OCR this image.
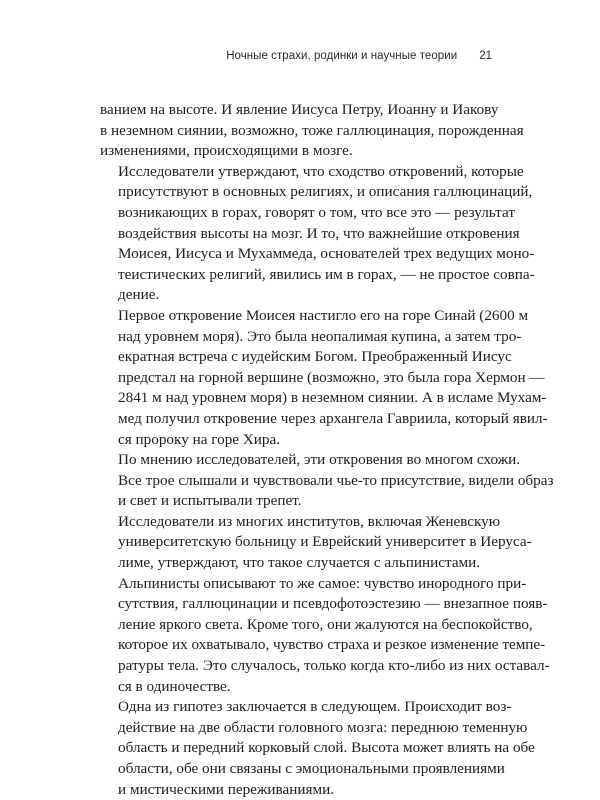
Ночные страхи, родинки и научные теории 21

ванием на высоте. И явление Иисуса Петру, Иоанну и Иакову
в неземном сиянии, возможно, тоже галлюцинация, порожденная
изменениями, происходящими в мозге.

Исследователи утверждают, что сходство откровений, которые
присутствуют в основных религиях, и описания галлюцинаций,
возникающих в горах, говорят о том, что все это — результат
воздействия высоты на мозг. И то, что важнейшие откровения
Моисея, Иисуса и Мухаммеда, основателей трех ведущих моно-
теистических религий, явились им в горах, — не простое совпа-
дение.

Первое откровение Моисея настигло его на горе Синай (2600 м
над уровнем моря). Это была неопалимая купина, а затем тро-
екратная встреча с иудейским Богом. Преображенный Иисус
предстал на горной вершине (возможно, это была гора Хермон —
2841 м над уровнем моря) в неземном сиянии. А в исламе Мухам-
мед получил откровение через архангела Гавриила, который явил-
ся пророку на горе Хира.

По мнению исследователей, эти откровения во многом схожи.
Все трое слышали и чувствовали чье-то присутствие, видели образ
и свет и испытывали трепет.

Исследователи из многих институтов, включая Женевскую
университетскую больницу и Еврейский университет в Иеруса-
лиме, утверждают, что такое случается с альпинистами.

Альпинисты описывают то же самое: чувство инородного при-
сутствия, галлюцинации и псевдофотоэстезию — внезапное появ-
ление яркого света. Кроме того, они жалуются на беспокойство,
которое их охватывало, чувство страха и резкое изменение темпе-
ратуры тела. Это случалось, только когда кто-либо из них оставал-
ся в одиночестве.

Одна из гипотез заключается в следующем. Происходит воз-
действие на две области головного мозга: переднюю теменную
область и передний корковый слой. Высота может влиять на обе
области, обе они связаны с эмоциональными проявлениями
и мистическими переживаниями.
